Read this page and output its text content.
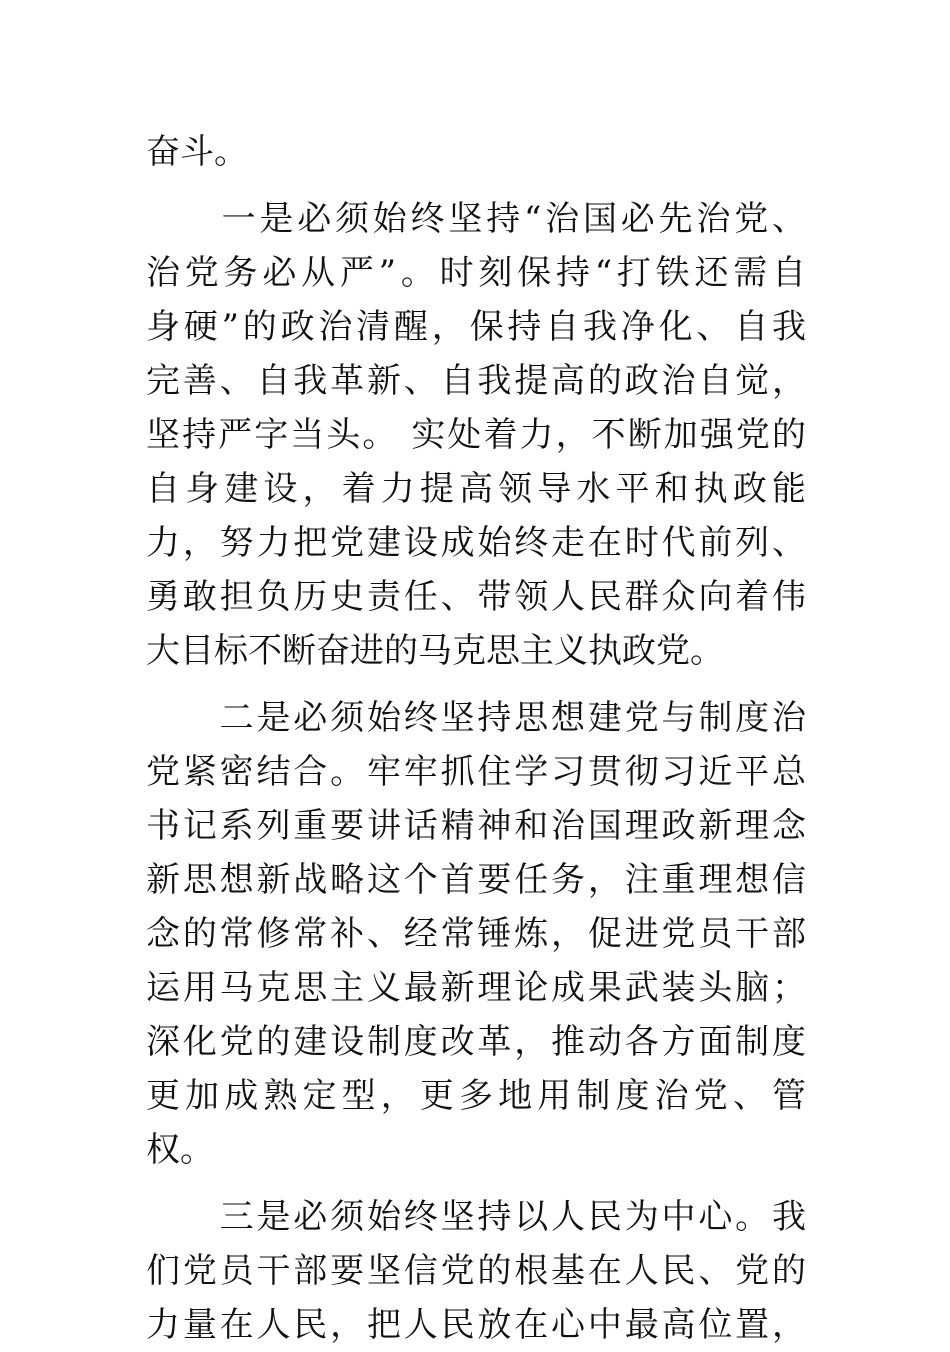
奋斗。
　　一是必须始终坚持“治国必先治党、
治党务必从严”。时刻保持“打铁还需自
身硬”的政治清醒，保持自我净化、自我
完善、自我革新、自我提高的政治自觉，
坚持严字当头。 实处着力，不断加强党的
自身建设，着力提高领导水平和执政能
力，努力把党建设成始终走在时代前列、
勇敢担负历史责任、带领人民群众向着伟
大目标不断奋进的马克思主义执政党。
　　二是必须始终坚持思想建党与制度治
党紧密结合。牢牢抓住学习贯彻习近平总
书记系列重要讲话精神和治国理政新理念
新思想新战略这个首要任务，注重理想信
念的常修常补、经常锤炼，促进党员干部
运用马克思主义最新理论成果武装头脑；
深化党的建设制度改革，推动各方面制度
更加成熟定型，更多地用制度治党、管
权。
　　三是必须始终坚持以人民为中心。我
们党员干部要坚信党的根基在人民、党的
力量在人民，把人民放在心中最高位置，
